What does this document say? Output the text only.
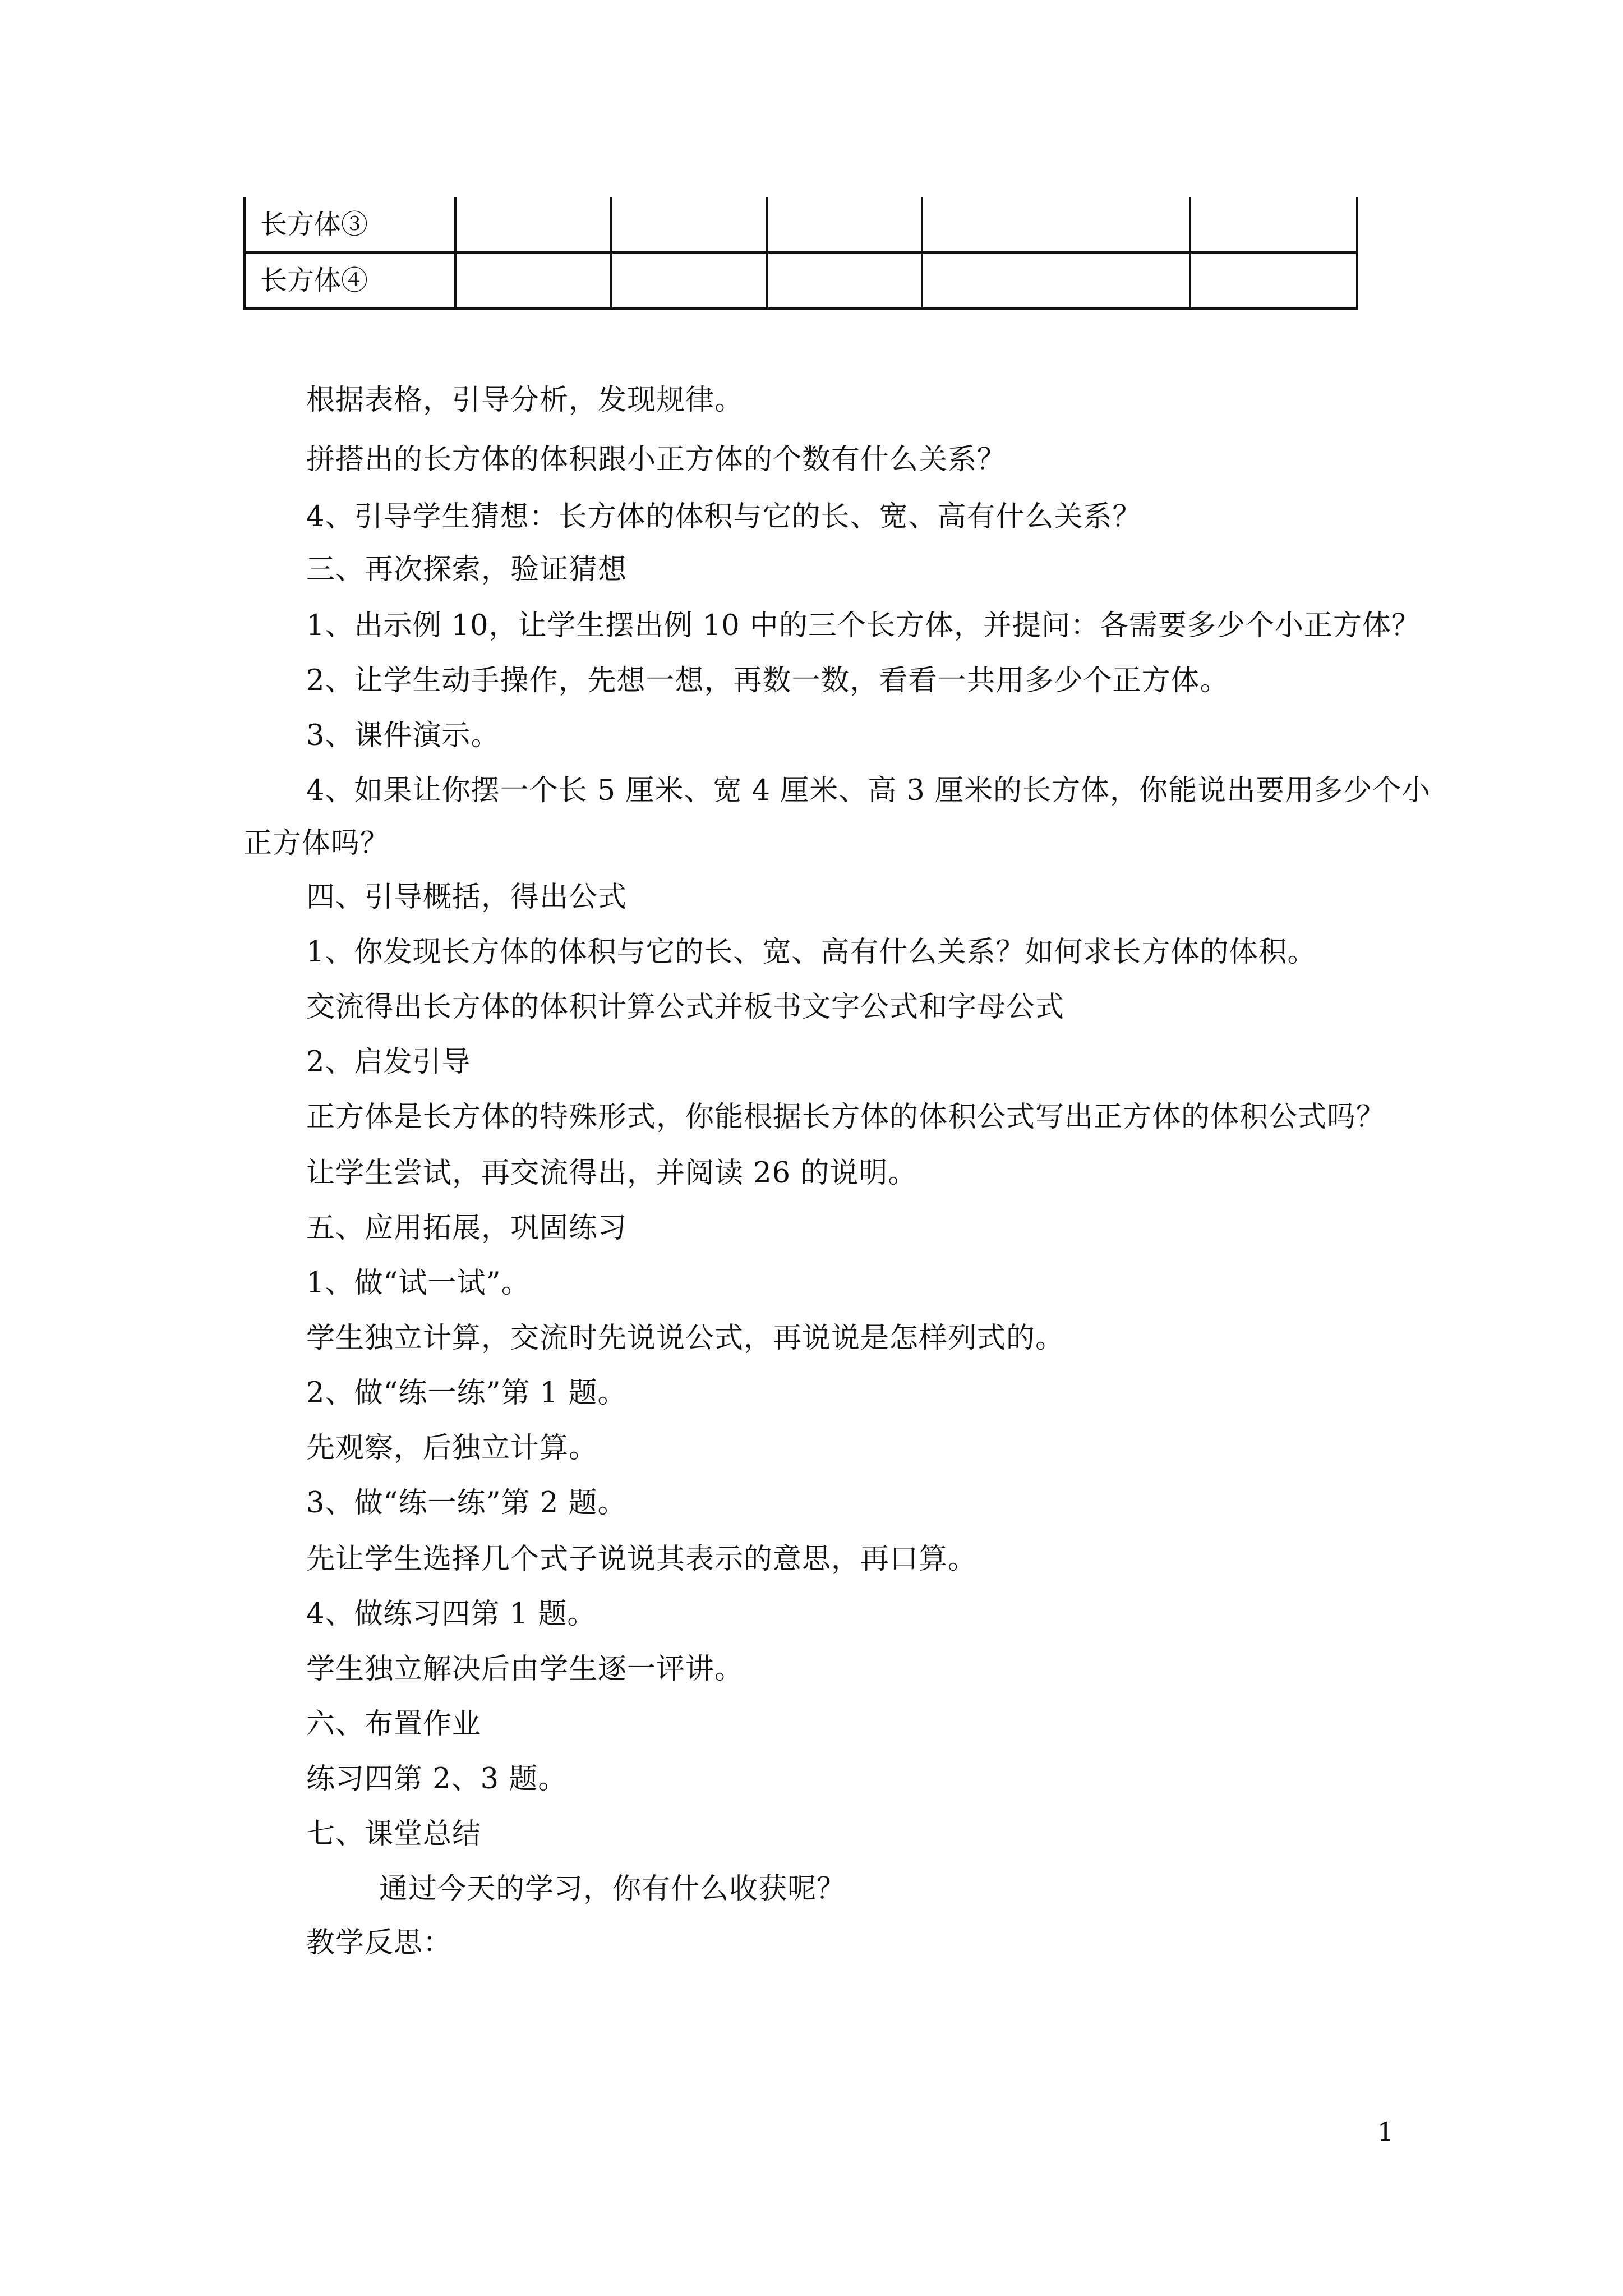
长方体③					
长方体④					
根据表格，引导分析，发现规律。
拼搭出的长方体的体积跟小正方体的个数有什么关系？
4、引导学生猜想：长方体的体积与它的长、宽、高有什么关系？
三、再次探索，验证猜想
1、出示例 10，让学生摆出例 10 中的三个长方体，并提问：各需要多少个小正方体？
2、让学生动手操作，先想一想，再数一数，看看一共用多少个正方体。
3、课件演示。
4、如果让你摆一个长 5 厘米、宽 4 厘米、高 3 厘米的长方体，你能说出要用多少个小
正方体吗？
四、引导概括，得出公式
1、你发现长方体的体积与它的长、宽、高有什么关系？如何求长方体的体积。
交流得出长方体的体积计算公式并板书文字公式和字母公式
2、启发引导
正方体是长方体的特殊形式，你能根据长方体的体积公式写出正方体的体积公式吗？
让学生尝试，再交流得出，并阅读 26 的说明。
五、应用拓展，巩固练习
1、做“试一试”。
学生独立计算，交流时先说说公式，再说说是怎样列式的。
2、做“练一练”第 1 题。
先观察，后独立计算。
3、做“练一练”第 2 题。
先让学生选择几个式子说说其表示的意思，再口算。
4、做练习四第 1 题。
学生独立解决后由学生逐一评讲。
六、布置作业
练习四第 2、3 题。
七、课堂总结
通过今天的学习，你有什么收获呢？
教学反思：
1
